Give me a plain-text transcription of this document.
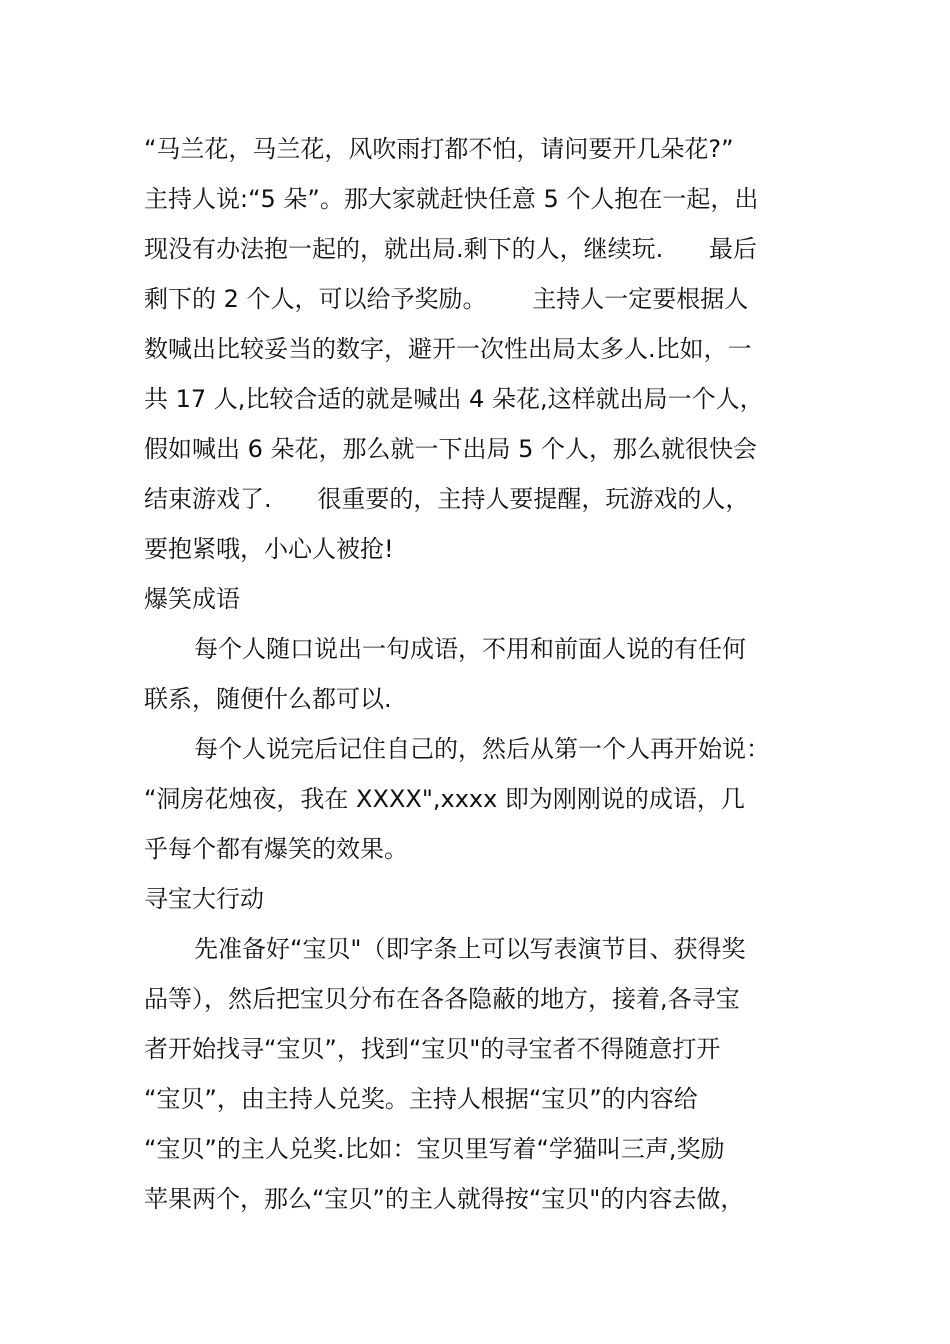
“马兰花，马兰花，风吹雨打都不怕，请问要开几朵花?”
主持人说:“5 朵”。那大家就赶快任意 5 个人抱在一起，出
现没有办法抱一起的，就出局.剩下的人，继续玩.      最后
剩下的 2 个人，可以给予奖励。      主持人一定要根据人
数喊出比较妥当的数字，避开一次性出局太多人.比如，一
共 17 人,比较合适的就是喊出 4 朵花,这样就出局一个人，
假如喊出 6 朵花，那么就一下出局 5 个人，那么就很快会
结束游戏了.      很重要的，主持人要提醒，玩游戏的人，
要抱紧哦，小心人被抢!
爆笑成语
每个人随口说出一句成语，不用和前面人说的有任何
联系，随便什么都可以.
每个人说完后记住自己的，然后从第一个人再开始说：
“洞房花烛夜，我在 XXXX",xxxx 即为刚刚说的成语，几
乎每个都有爆笑的效果。
寻宝大行动
先准备好“宝贝"（即字条上可以写表演节目、获得奖
品等），然后把宝贝分布在各各隐蔽的地方，接着,各寻宝
者开始找寻“宝贝”，找到“宝贝"的寻宝者不得随意打开
“宝贝”，由主持人兑奖。主持人根据“宝贝”的内容给
“宝贝”的主人兑奖.比如：宝贝里写着“学猫叫三声,奖励
苹果两个，那么“宝贝”的主人就得按“宝贝"的内容去做，
